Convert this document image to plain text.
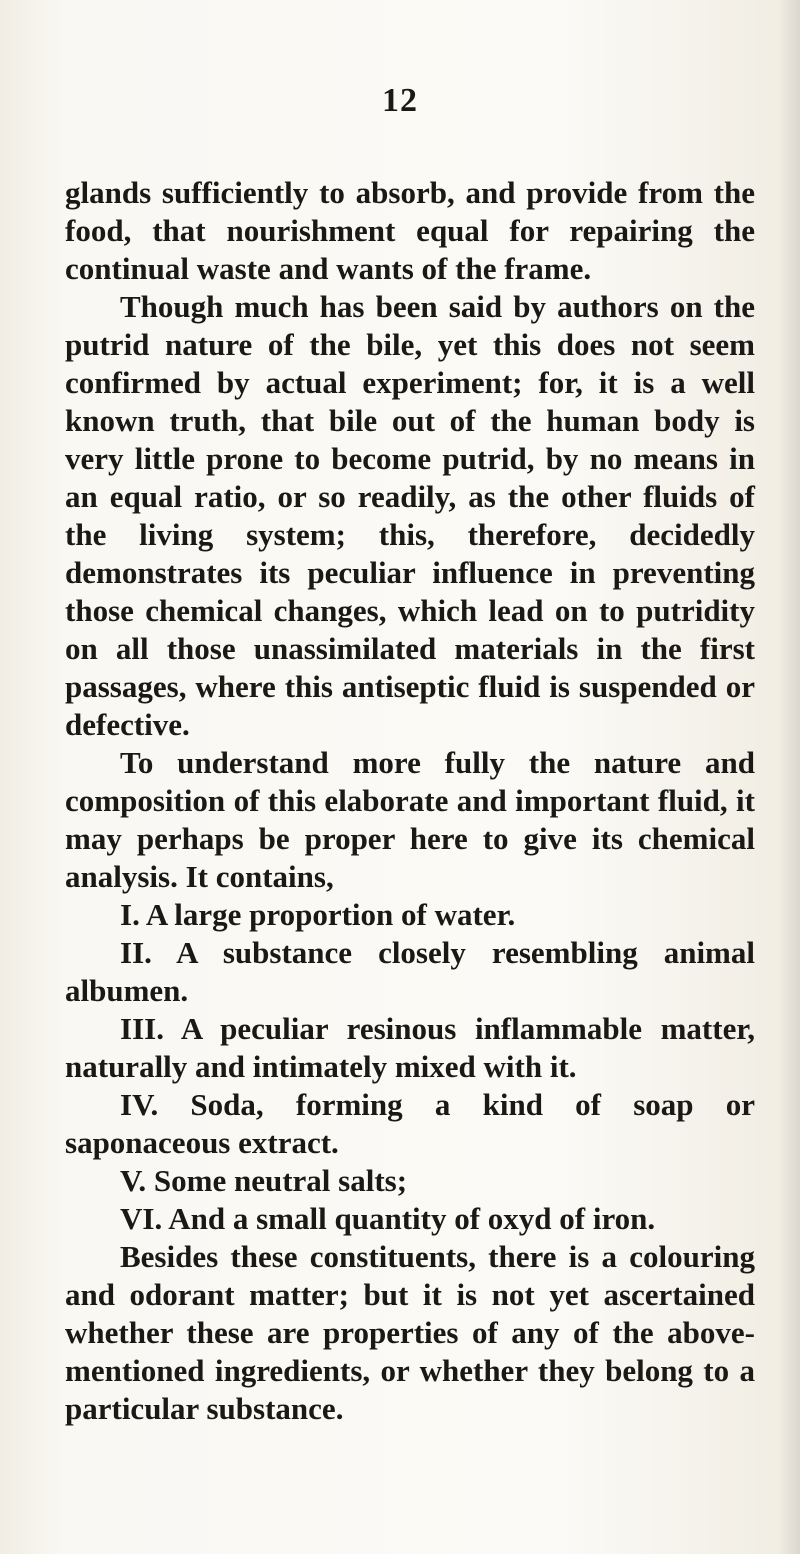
12

glands sufficiently to absorb, and provide from the food, that nourishment equal for repairing the continual waste and wants of the frame.

Though much has been said by authors on the putrid nature of the bile, yet this does not seem confirmed by actual experiment; for, it is a well known truth, that bile out of the human body is very little prone to become putrid, by no means in an equal ratio, or so readily, as the other fluids of the living system; this, therefore, decidedly demonstrates its peculiar influence in preventing those chemical changes, which lead on to putridity on all those unassimilated materials in the first passages, where this antiseptic fluid is suspended or defective.

To understand more fully the nature and composition of this elaborate and important fluid, it may perhaps be proper here to give its chemical analysis. It contains,

I. A large proportion of water.

II. A substance closely resembling animal albumen.

III. A peculiar resinous inflammable matter, naturally and intimately mixed with it.

IV. Soda, forming a kind of soap or saponaceous extract.

V. Some neutral salts;

VI. And a small quantity of oxyd of iron.

Besides these constituents, there is a colouring and odorant matter; but it is not yet ascertained whether these are properties of any of the above-mentioned ingredients, or whether they belong to a particular substance.
